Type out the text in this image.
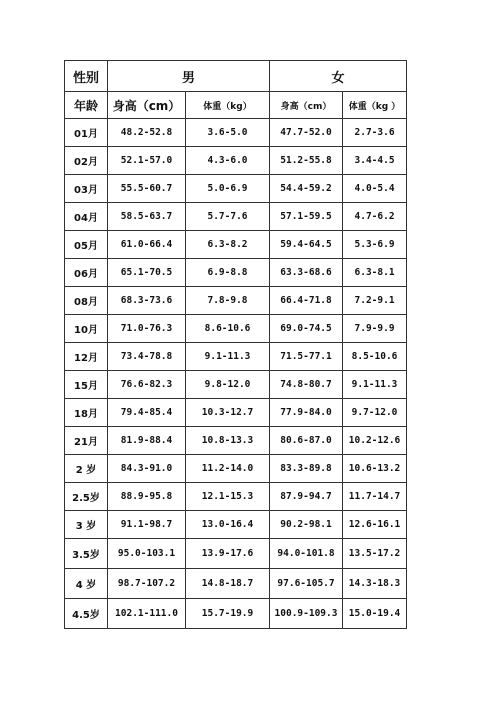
性别	男		女	
年龄	身高（cm）	体重（kg）	身高（cm）	体重（kg ）
01月	48.2-52.8	3.6-5.0	47.7-52.0	2.7-3.6
02月	52.1-57.0	4.3-6.0	51.2-55.8	3.4-4.5
03月	55.5-60.7	5.0-6.9	54.4-59.2	4.0-5.4
04月	58.5-63.7	5.7-7.6	57.1-59.5	4.7-6.2
05月	61.0-66.4	6.3-8.2	59.4-64.5	5.3-6.9
06月	65.1-70.5	6.9-8.8	63.3-68.6	6.3-8.1
08月	68.3-73.6	7.8-9.8	66.4-71.8	7.2-9.1
10月	71.0-76.3	8.6-10.6	69.0-74.5	7.9-9.9
12月	73.4-78.8	9.1-11.3	71.5-77.1	8.5-10.6
15月	76.6-82.3	9.8-12.0	74.8-80.7	9.1-11.3
18月	79.4-85.4	10.3-12.7	77.9-84.0	9.7-12.0
21月	81.9-88.4	10.8-13.3	80.6-87.0	10.2-12.6
2 岁	84.3-91.0	11.2-14.0	83.3-89.8	10.6-13.2
2.5岁	88.9-95.8	12.1-15.3	87.9-94.7	11.7-14.7
3 岁	91.1-98.7	13.0-16.4	90.2-98.1	12.6-16.1
3.5岁	95.0-103.1	13.9-17.6	94.0-101.8	13.5-17.2
4 岁	98.7-107.2	14.8-18.7	97.6-105.7	14.3-18.3
4.5岁	102.1-111.0	15.7-19.9	100.9-109.3	15.0-19.4
